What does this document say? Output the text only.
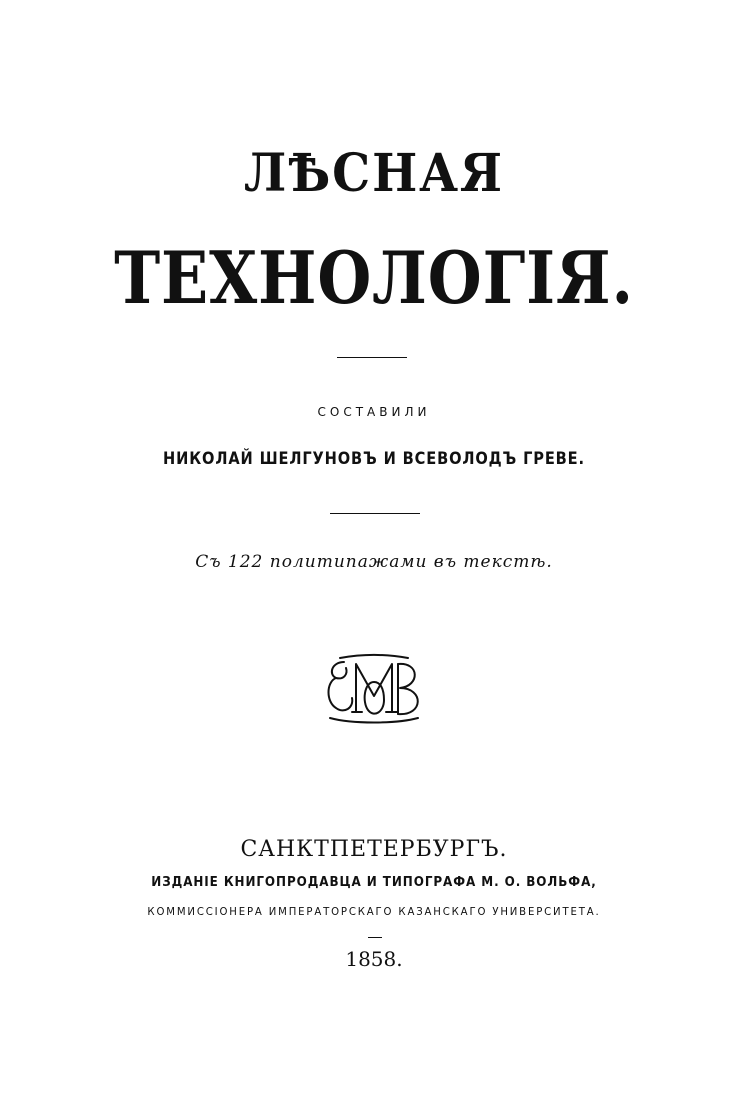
ЛѢСНАЯ
ТЕХНОЛОГІЯ.
СОСТАВИЛИ
НИКОЛАЙ ШЕЛГУНОВЪ И ВСЕВОЛОДЪ ГРЕВЕ.
Съ 122 политипажами въ текстѣ.
САНКТПЕТЕРБУРГЪ.
ИЗДАНІЕ КНИГОПРОДАВЦА И ТИПОГРАФА М. О. ВОЛЬФА,
КОММИССІОНЕРА ИМПЕРАТОРСКАГО КАЗАНСКАГО УНИВЕРСИТЕТА.
1858.
